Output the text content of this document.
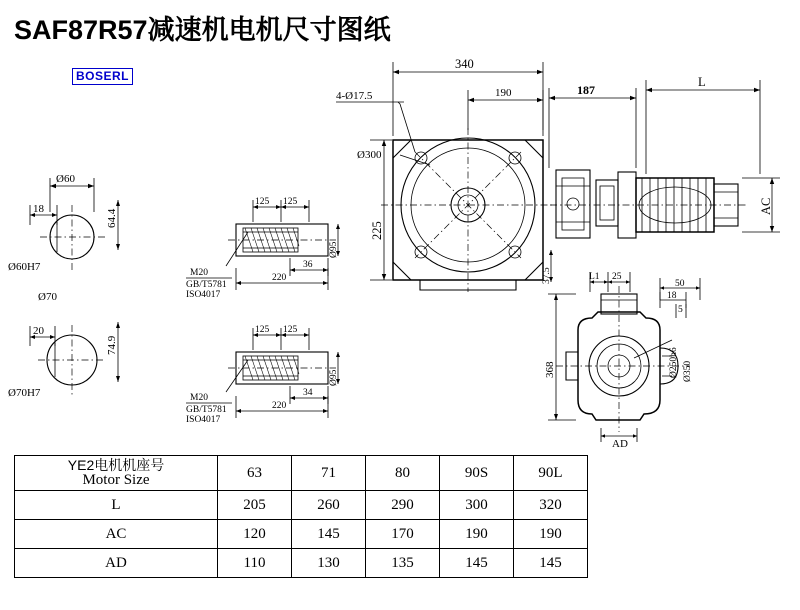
SAF87R57减速机电机尺寸图纸
BOSERL
Ø60
18	64.4
Ø60H7
Ø70
20
74.9
Ø70H7
125 125
36
220
Ø95
M20
GB/T5781
ISO4017
125 125
34
220
Ø95
M20
GB/T5781
ISO4017
340
190
4-Ø17.5
Ø300
225
37.5
187
L
AC
L1 25
50
18
5
368	Ø250h6 Ø350
AD
YE2电机机座号
Motor Size	63	71	80	90S	90L
L	205	260	290	300	320
AC	120	145	170	190	190
AD	110	130	135	145	145
